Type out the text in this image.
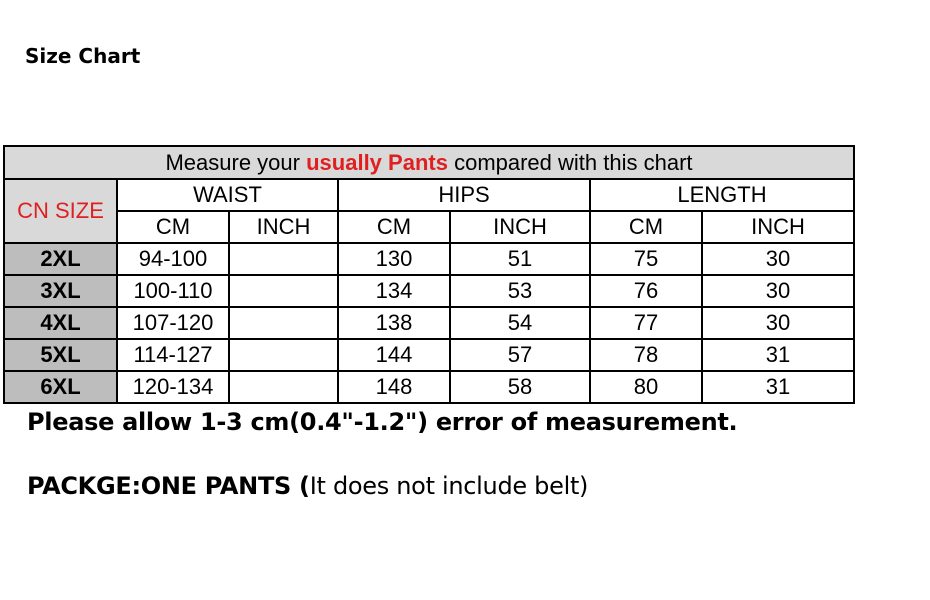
Size Chart
Measure your usually Pants compared with this chart						
CN SIZE	WAIST		HIPS		LENGTH	
	CM	INCH	CM	INCH	CM	INCH
2XL	94-100		130	51	75	30
3XL	100-110		134	53	76	30
4XL	107-120		138	54	77	30
5XL	114-127		144	57	78	31
6XL	120-134		148	58	80	31
Please allow 1-3 cm(0.4"-1.2") error of measurement.
PACKGE:ONE PANTS (It does not include belt)
